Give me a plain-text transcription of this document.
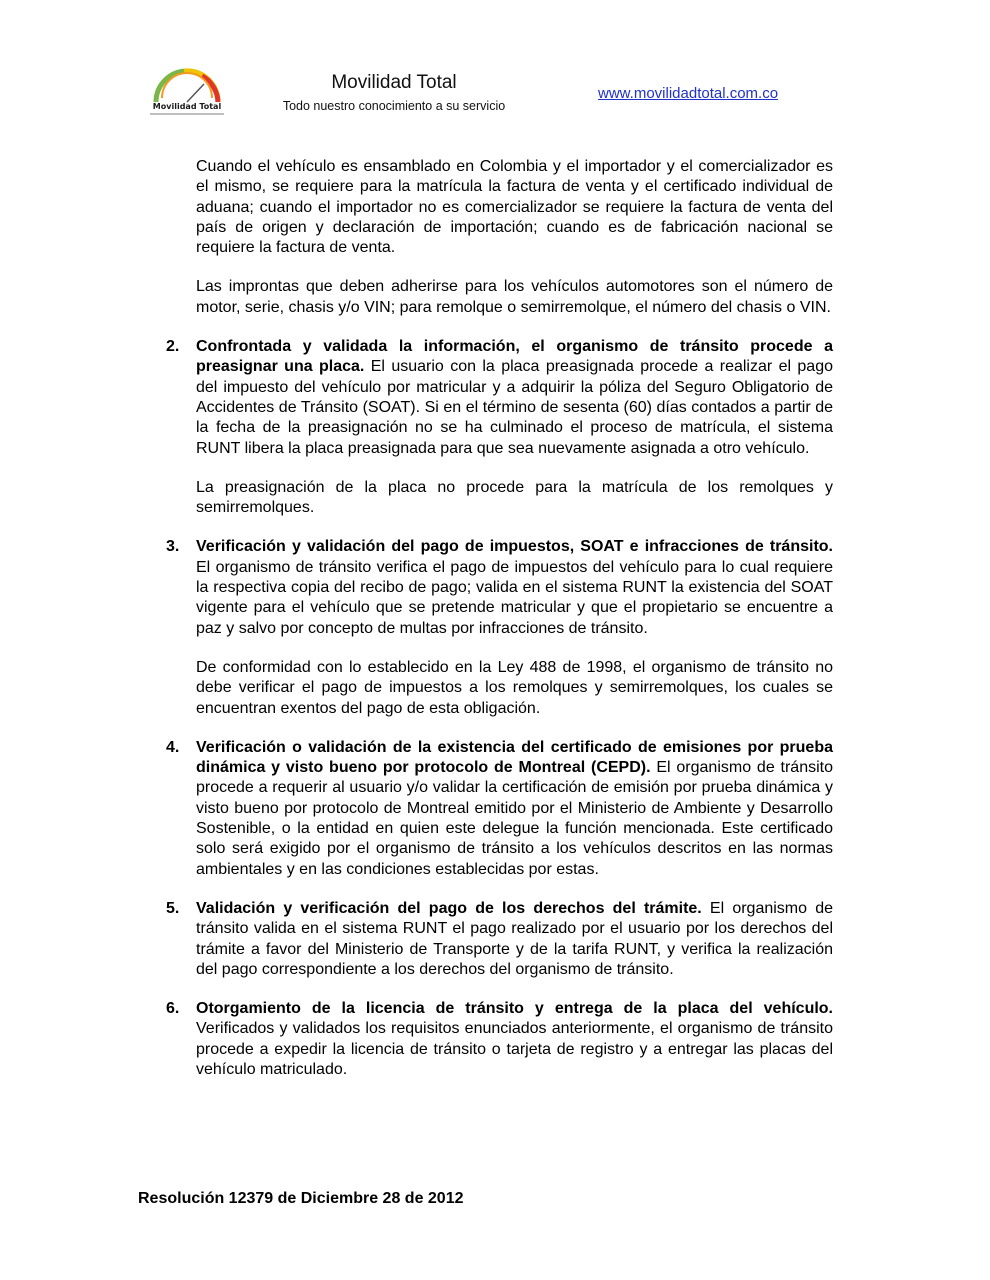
Movilidad Total
Movilidad Total
Todo nuestro conocimiento a su servicio
www.movilidadtotal.com.co

Cuando el vehículo es ensamblado en Colombia y el importador y el comercializador es el mismo, se requiere para la matrícula la factura de venta y el certificado individual de aduana; cuando el importador no es comercializador se requiere la factura de venta del país de origen y declaración de importación; cuando es de fabricación nacional se requiere la factura de venta.

Las improntas que deben adherirse para los vehículos automotores son el número de motor, serie, chasis y/o VIN; para remolque o semirremolque, el número del chasis o VIN.

2. Confrontada y validada la información, el organismo de tránsito procede a preasignar una placa. El usuario con la placa preasignada procede a realizar el pago del impuesto del vehículo por matricular y a adquirir la póliza del Seguro Obligatorio de Accidentes de Tránsito (SOAT). Si en el término de sesenta (60) días contados a partir de la fecha de la preasignación no se ha culminado el proceso de matrícula, el sistema RUNT libera la placa preasignada para que sea nuevamente asignada a otro vehículo.

La preasignación de la placa no procede para la matrícula de los remolques y semirremolques.

3. Verificación y validación del pago de impuestos, SOAT e infracciones de tránsito. El organismo de tránsito verifica el pago de impuestos del vehículo para lo cual requiere la respectiva copia del recibo de pago; valida en el sistema RUNT la existencia del SOAT vigente para el vehículo que se pretende matricular y que el propietario se encuentre a paz y salvo por concepto de multas por infracciones de tránsito.

De conformidad con lo establecido en la Ley 488 de 1998, el organismo de tránsito no debe verificar el pago de impuestos a los remolques y semirremolques, los cuales se encuentran exentos del pago de esta obligación.

4. Verificación o validación de la existencia del certificado de emisiones por prueba dinámica y visto bueno por protocolo de Montreal (CEPD). El organismo de tránsito procede a requerir al usuario y/o validar la certificación de emisión por prueba dinámica y visto bueno por protocolo de Montreal emitido por el Ministerio de Ambiente y Desarrollo Sostenible, o la entidad en quien este delegue la función mencionada. Este certificado solo será exigido por el organismo de tránsito a los vehículos descritos en las normas ambientales y en las condiciones establecidas por estas.

5. Validación y verificación del pago de los derechos del trámite. El organismo de tránsito valida en el sistema RUNT el pago realizado por el usuario por los derechos del trámite a favor del Ministerio de Transporte y de la tarifa RUNT, y verifica la realización del pago correspondiente a los derechos del organismo de tránsito.

6. Otorgamiento de la licencia de tránsito y entrega de la placa del vehículo. Verificados y validados los requisitos enunciados anteriormente, el organismo de tránsito procede a expedir la licencia de tránsito o tarjeta de registro y a entregar las placas del vehículo matriculado.

Resolución 12379 de Diciembre 28 de 2012
